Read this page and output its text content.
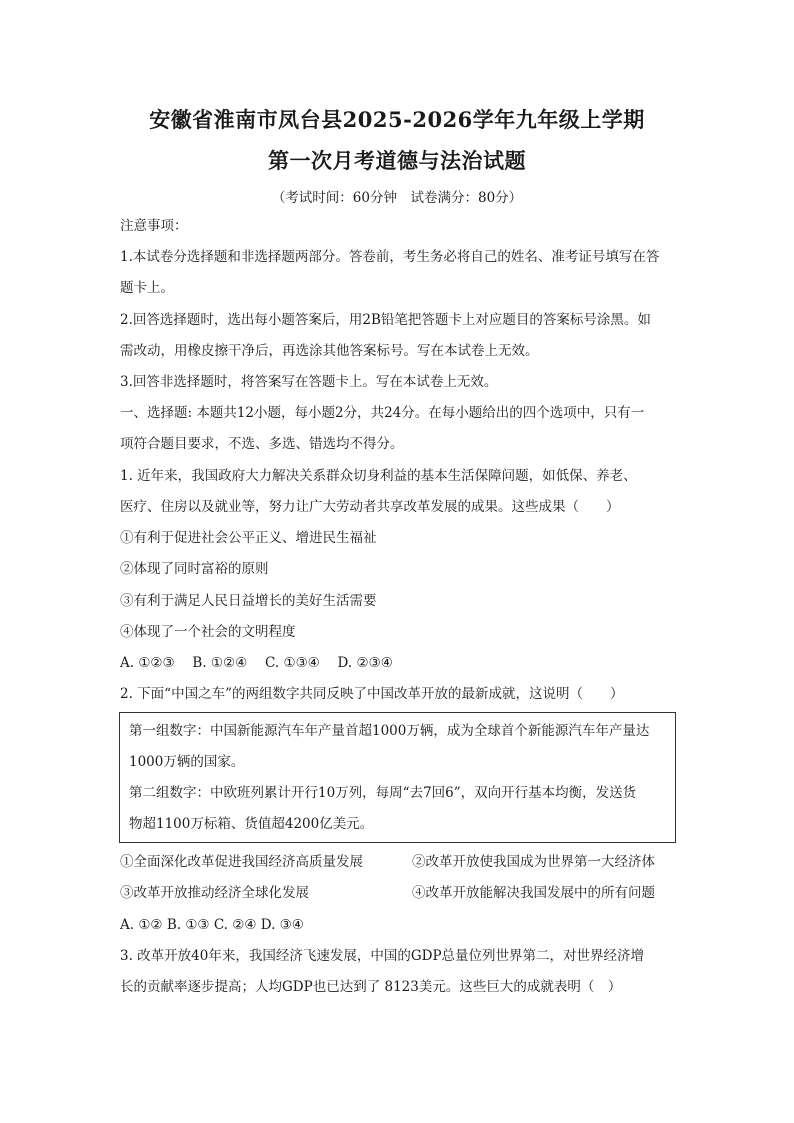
安徽省淮南市凤台县2025-2026学年九年级上学期
第一次月考道德与法治试题
（考试时间：60分钟　试卷满分：80分）
注意事项：
1.本试卷分选择题和非选择题两部分。答卷前，考生务必将自己的姓名、准考证号填写在答
题卡上。
2.回答选择题时，选出每小题答案后，用2B铅笔把答题卡上对应题目的答案标号涂黑。如
需改动，用橡皮擦干净后，再选涂其他答案标号。写在本试卷上无效。
3.回答非选择题时，将答案写在答题卡上。写在本试卷上无效。
一、选择题: 本题共12小题，每小题2分，共24分。在每小题给出的四个选项中，只有一
项符合题目要求，不选、多选、错选均不得分。
1. 近年来，我国政府大力解决关系群众切身利益的基本生活保障问题，如低保、养老、
医疗、住房以及就业等，努力让广大劳动者共享改革发展的成果。这些成果（　　）
①有利于促进社会公平正义、增进民生福祉
②体现了同时富裕的原则
③有利于满足人民日益增长的美好生活需要
④体现了一个社会的文明程度
A. ①②③　 B. ①②④　 C. ①③④　 D. ②③④
2. 下面“中国之车”的两组数字共同反映了中国改革开放的最新成就，这说明（　　）
第一组数字：中国新能源汽车年产量首超1000万辆，成为全球首个新能源汽车年产量达
1000万辆的国家。
第二组数字：中欧班列累计开行10万列，每周“去7回6”，双向开行基本均衡，发送货
物超1100万标箱、货值超4200亿美元。
①全面深化改革促进我国经济高质量发展	②改革开放使我国成为世界第一大经济体
③改革开放推动经济全球化发展	④改革开放能解决我国发展中的所有问题
A. ①② B. ①③ C. ②④ D. ③④
3. 改革开放40年来，我国经济飞速发展，中国的GDP总量位列世界第二，对世界经济增
长的贡献率逐步提高；人均GDP也已达到了 8123美元。这些巨大的成就表明（　）
